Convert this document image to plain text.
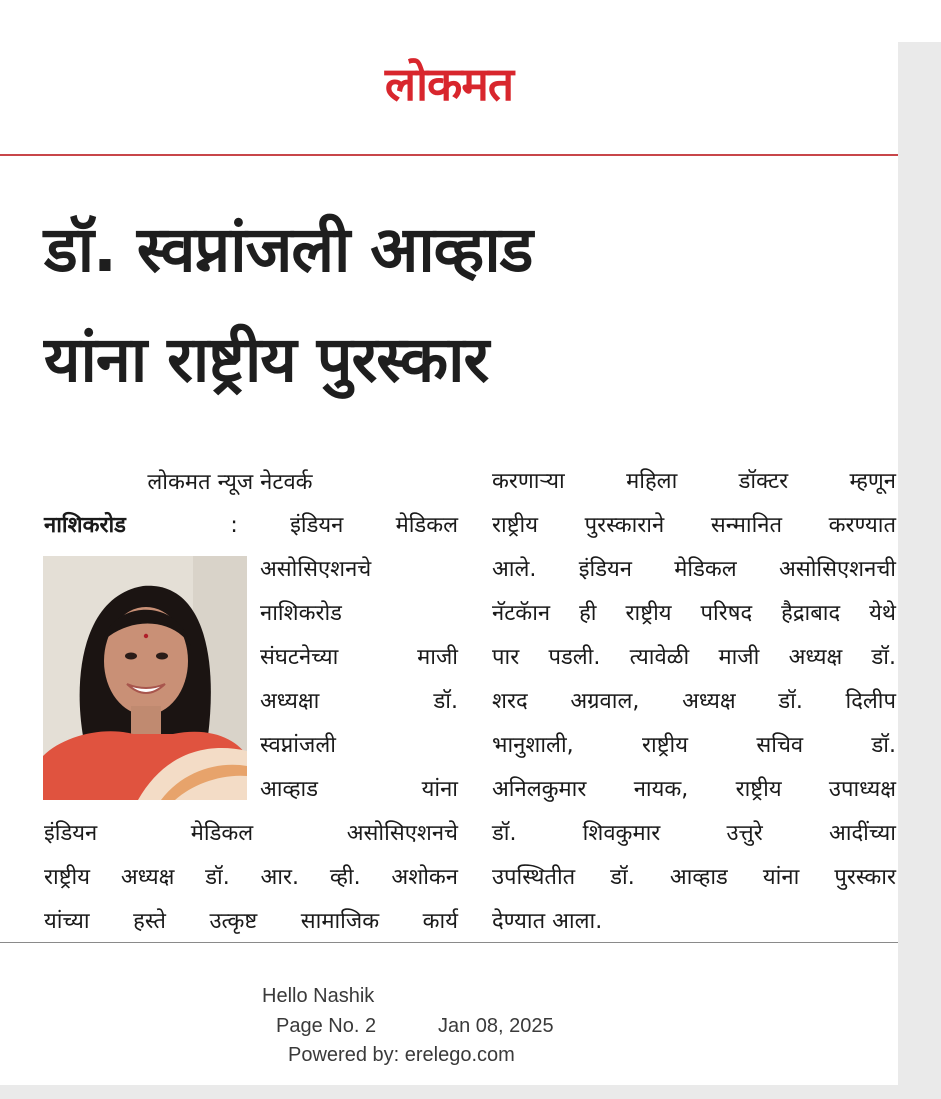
लोकमत
डॉ. स्वप्नांजली आव्हाड
यांना राष्ट्रीय पुरस्कार
लोकमत न्यूज नेटवर्क
नाशिकरोड  : इंडियन मेडिकल
असोसिएशनचे
नाशिकरोड
संघटनेच्या माजी
अध्यक्षा डॉ.
स्वप्नांजली
आव्हाड यांना
इंडियन मेडिकल असोसिएशनचे
राष्ट्रीय अध्यक्ष डॉ. आर. व्ही. अशोकन
यांच्या हस्ते उत्कृष्ट सामाजिक कार्य
करणाऱ्या महिला डॉक्टर म्हणून
राष्ट्रीय पुरस्काराने सन्मानित करण्यात
आले. इंडियन मेडिकल असोसिएशनची
नॅटकॅान ही राष्ट्रीय परिषद हैद्राबाद येथे
पार पडली. त्यावेळी माजी अध्यक्ष डॉ.
शरद अग्रवाल, अध्यक्ष डॉ. दिलीप
भानुशाली, राष्ट्रीय सचिव डॉ.
अनिलकुमार नायक, राष्ट्रीय उपाध्यक्ष
डॉ. शिवकुमार उत्तुरे आदींच्या
उपस्थितीत डॉ. आव्हाड यांना पुरस्कार
देण्यात आला.
Hello Nashik
Page No. 2	Jan 08, 2025
Powered by: erelego.com
